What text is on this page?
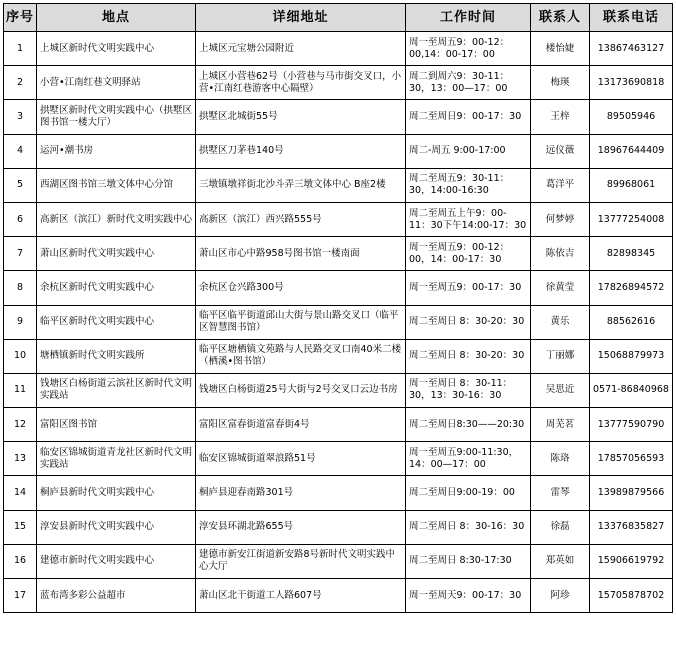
序号	地点	详细地址	工作时间	联系人	联系电话
1	上城区新时代文明实践中心	上城区元宝塘公园附近	周一至周五9：00-12：00,14：00-17：00	楼怡婕	13867463127
2	小营•江南红巷文明驿站	上城区小营巷62号（小营巷与马市街交叉口，小营•江南红巷游客中心隔壁）	周二到周六9：30-11：30，13：00—17：00	梅瑛	13173690818
3	拱墅区新时代文明实践中心（拱墅区图书馆一楼大厅）	拱墅区北城街55号	周二至周日9：00-17：30	王梓	89505946
4	运河•潮书房	拱墅区刀茅巷140号	周二-周五 9:00-17:00	远仪薇	18967644409
5	西湖区图书馆三墩文体中心分馆	三墩镇墩祥街北沙斗弄三墩文体中心 B座2楼	周二至周五9：30-11：30，14:00-16:30	葛洋平	89968061
6	高新区（滨江）新时代文明实践中心	高新区（滨江）西兴路555号	周二至周五上午9：00-11：30下午14:00-17：30	何梦婷	13777254008
7	萧山区新时代文明实践中心	萧山区市心中路958号图书馆一楼南面	周一至周五9：00-12：00，14：00-17：30	陈依吉	82898345
8	余杭区新时代文明实践中心	余杭区仓兴路300号	周一至周五9：00-17：30	徐黄莹	17826894572
9	临平区新时代文明实践中心	临平区临平街道邱山大街与景山路交叉口（临平区智慧图书馆）	周二至周日 8：30-20：30	黄乐	88562616
10	塘栖镇新时代文明实践所	临平区塘栖镇文苑路与人民路交叉口南40米二楼（栖溪•图书馆）	周二至周日 8：30-20：30	丁丽娜	15068879973
11	钱塘区白杨街道云滨社区新时代文明实践站	钱塘区白杨街道25号大街与2号交叉口云边书房	周一至周日 8：30-11：30，13：30-16：30	吴思近	0571-86840968
12	富阳区图书馆	富阳区富春街道富春街4号	周二至周日8:30——20:30	周芜茗	13777590790
13	临安区锦城街道青龙社区新时代文明实践站	临安区锦城街道翠浪路51号	周一至周五9:00-11:30，14：00—17：00	陈珞	17857056593
14	桐庐县新时代文明实践中心	桐庐县迎春南路301号	周二至周日9:00-19：00	雷琴	13989879566
15	淳安县新时代文明实践中心	淳安县环湖北路655号	周二至周日 8：30-16：30	徐磊	13376835827
16	建德市新时代文明实践中心	建德市新安江街道新安路8号新时代文明实践中心大厅	周二至周日 8:30-17:30	郑英如	15906619792
17	蓝布湾多彩公益超市	萧山区北干街道工人路607号	周一至周天9：00-17：30	阿珍	15705878702
